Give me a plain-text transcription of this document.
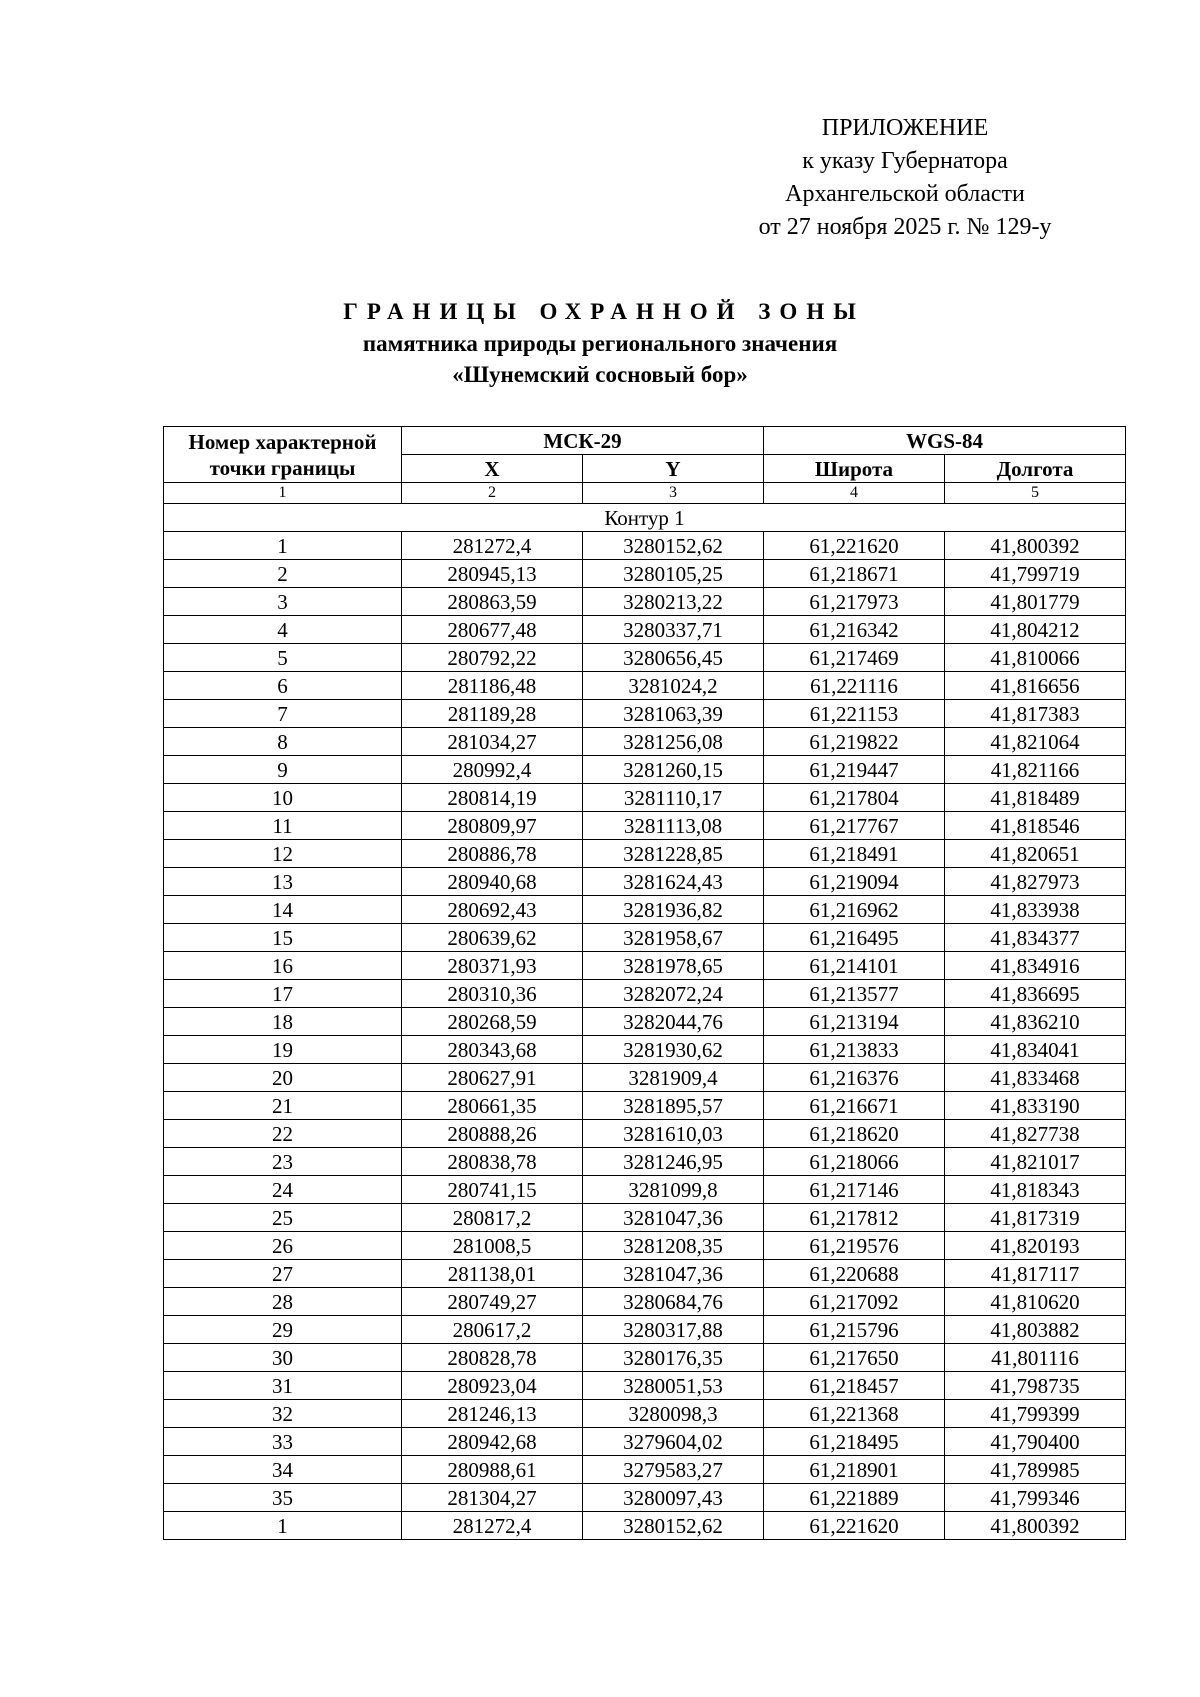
ПРИЛОЖЕНИЕ
к указу Губернатора
Архангельской области
от 27 ноября 2025 г. № 129-у
ГРАНИЦЫ ОХРАННОЙ ЗОНЫ
памятника природы регионального значения
«Шунемский сосновый бор»
Номер характерной точки границы	МСК-29		WGS-84	
	X	Y	Широта	Долгота
1	2	3	4	5
Контур 1				
1	281272,4	3280152,62	61,221620	41,800392
2	280945,13	3280105,25	61,218671	41,799719
3	280863,59	3280213,22	61,217973	41,801779
4	280677,48	3280337,71	61,216342	41,804212
5	280792,22	3280656,45	61,217469	41,810066
6	281186,48	3281024,2	61,221116	41,816656
7	281189,28	3281063,39	61,221153	41,817383
8	281034,27	3281256,08	61,219822	41,821064
9	280992,4	3281260,15	61,219447	41,821166
10	280814,19	3281110,17	61,217804	41,818489
11	280809,97	3281113,08	61,217767	41,818546
12	280886,78	3281228,85	61,218491	41,820651
13	280940,68	3281624,43	61,219094	41,827973
14	280692,43	3281936,82	61,216962	41,833938
15	280639,62	3281958,67	61,216495	41,834377
16	280371,93	3281978,65	61,214101	41,834916
17	280310,36	3282072,24	61,213577	41,836695
18	280268,59	3282044,76	61,213194	41,836210
19	280343,68	3281930,62	61,213833	41,834041
20	280627,91	3281909,4	61,216376	41,833468
21	280661,35	3281895,57	61,216671	41,833190
22	280888,26	3281610,03	61,218620	41,827738
23	280838,78	3281246,95	61,218066	41,821017
24	280741,15	3281099,8	61,217146	41,818343
25	280817,2	3281047,36	61,217812	41,817319
26	281008,5	3281208,35	61,219576	41,820193
27	281138,01	3281047,36	61,220688	41,817117
28	280749,27	3280684,76	61,217092	41,810620
29	280617,2	3280317,88	61,215796	41,803882
30	280828,78	3280176,35	61,217650	41,801116
31	280923,04	3280051,53	61,218457	41,798735
32	281246,13	3280098,3	61,221368	41,799399
33	280942,68	3279604,02	61,218495	41,790400
34	280988,61	3279583,27	61,218901	41,789985
35	281304,27	3280097,43	61,221889	41,799346
1	281272,4	3280152,62	61,221620	41,800392
